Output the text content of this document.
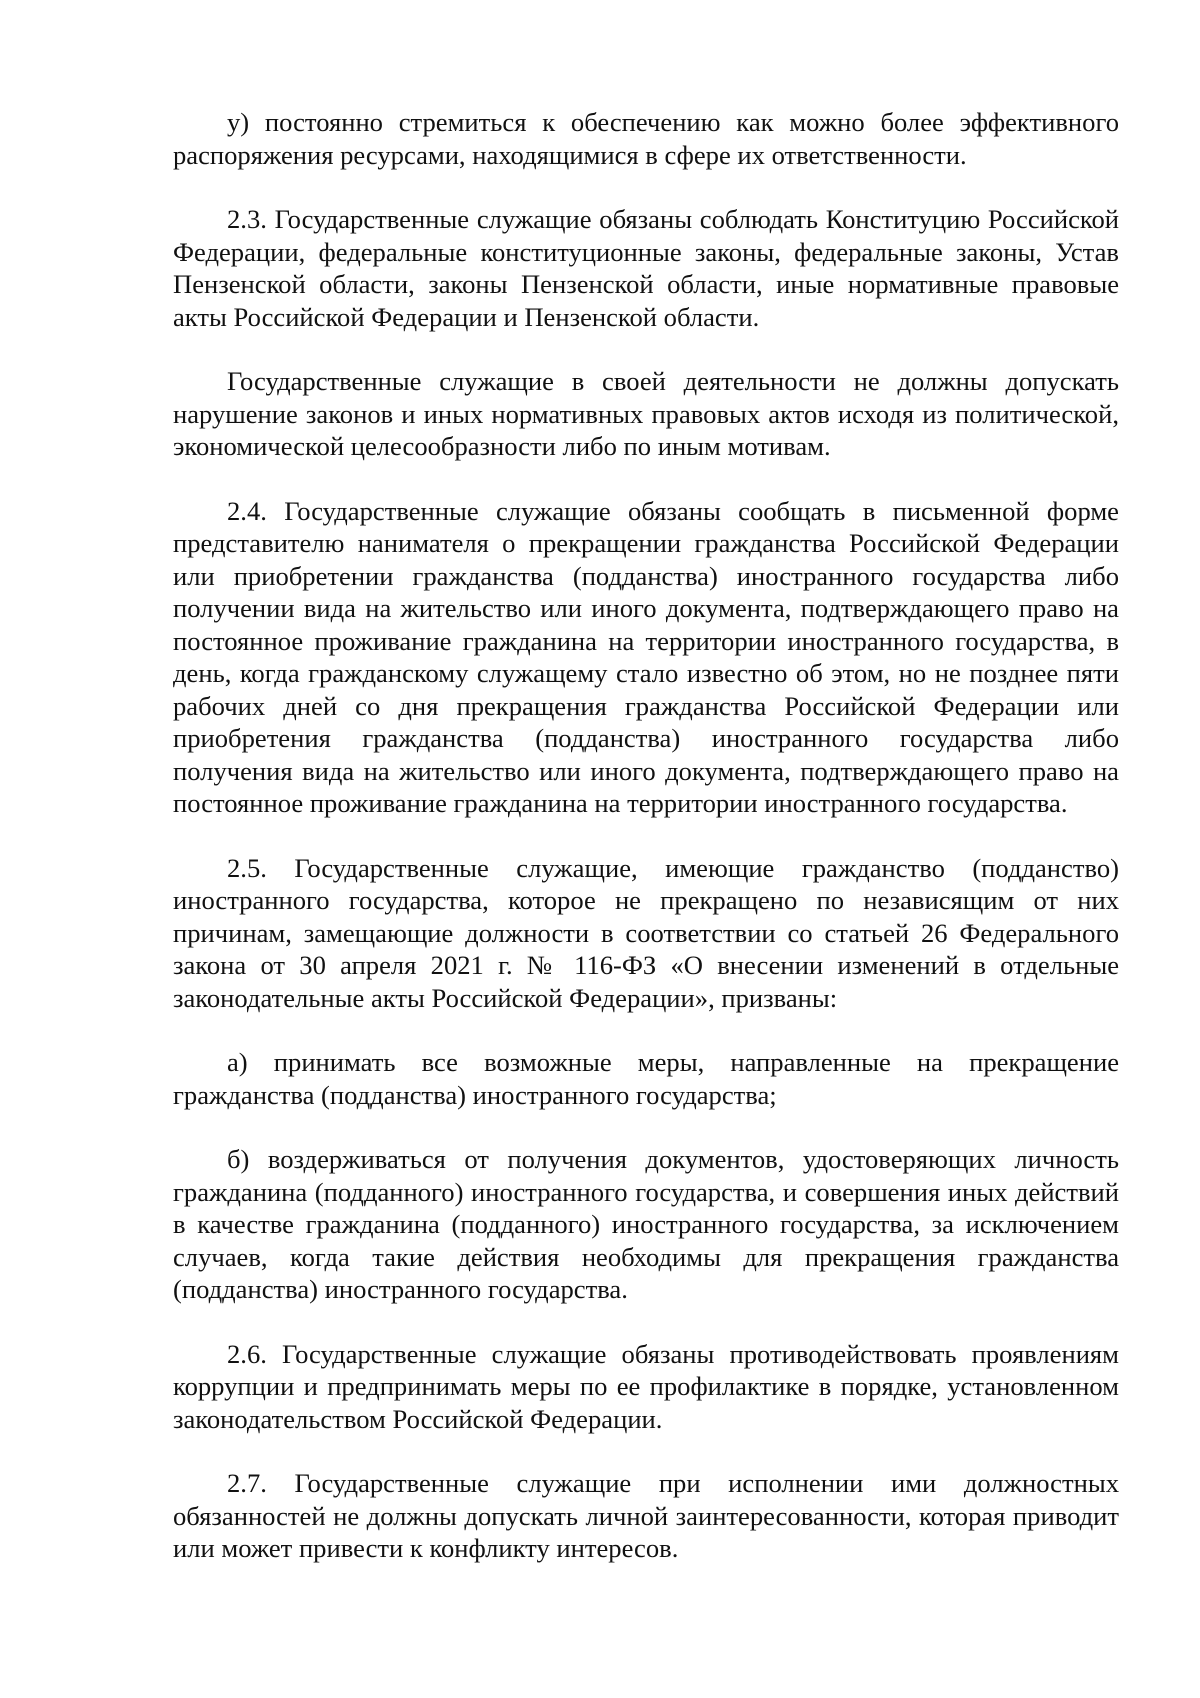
у) постоянно стремиться к обеспечению как можно более эффективного распоряжения ресурсами, находящимися в сфере их ответственности.

2.3. Государственные служащие обязаны соблюдать Конституцию Российской Федерации, федеральные конституционные законы, федеральные законы, Устав Пензенской области, законы Пензенской области, иные нормативные правовые акты Российской Федерации и Пензенской области.

Государственные служащие в своей деятельности не должны допускать нарушение законов и иных нормативных правовых актов исходя из политической, экономической целесообразности либо по иным мотивам.

2.4. Государственные служащие обязаны сообщать в письменной форме представителю нанимателя о прекращении гражданства Российской Федерации или приобретении гражданства (подданства) иностранного государства либо получении вида на жительство или иного документа, подтверждающего право на постоянное проживание гражданина на территории иностранного государства, в день, когда гражданскому служащему стало известно об этом, но не позднее пяти рабочих дней со дня прекращения гражданства Российской Федерации или приобретения гражданства (подданства) иностранного государства либо получения вида на жительство или иного документа, подтверждающего право на постоянное проживание гражданина на территории иностранного государства.

2.5. Государственные служащие, имеющие гражданство (подданство) иностранного государства, которое не прекращено по независящим от них причинам, замещающие должности в соответствии со статьей 26 Федерального закона от 30 апреля 2021 г. № 116-ФЗ «О внесении изменений в отдельные законодательные акты Российской Федерации», призваны:

а) принимать все возможные меры, направленные на прекращение гражданства (подданства) иностранного государства;

б) воздерживаться от получения документов, удостоверяющих личность гражданина (подданного) иностранного государства, и совершения иных действий в качестве гражданина (подданного) иностранного государства, за исключением случаев, когда такие действия необходимы для прекращения гражданства (подданства) иностранного государства.

2.6. Государственные служащие обязаны противодействовать проявлениям коррупции и предпринимать меры по ее профилактике в порядке, установленном законодательством Российской Федерации.

2.7. Государственные служащие при исполнении ими должностных обязанностей не должны допускать личной заинтересованности, которая приводит или может привести к конфликту интересов.
